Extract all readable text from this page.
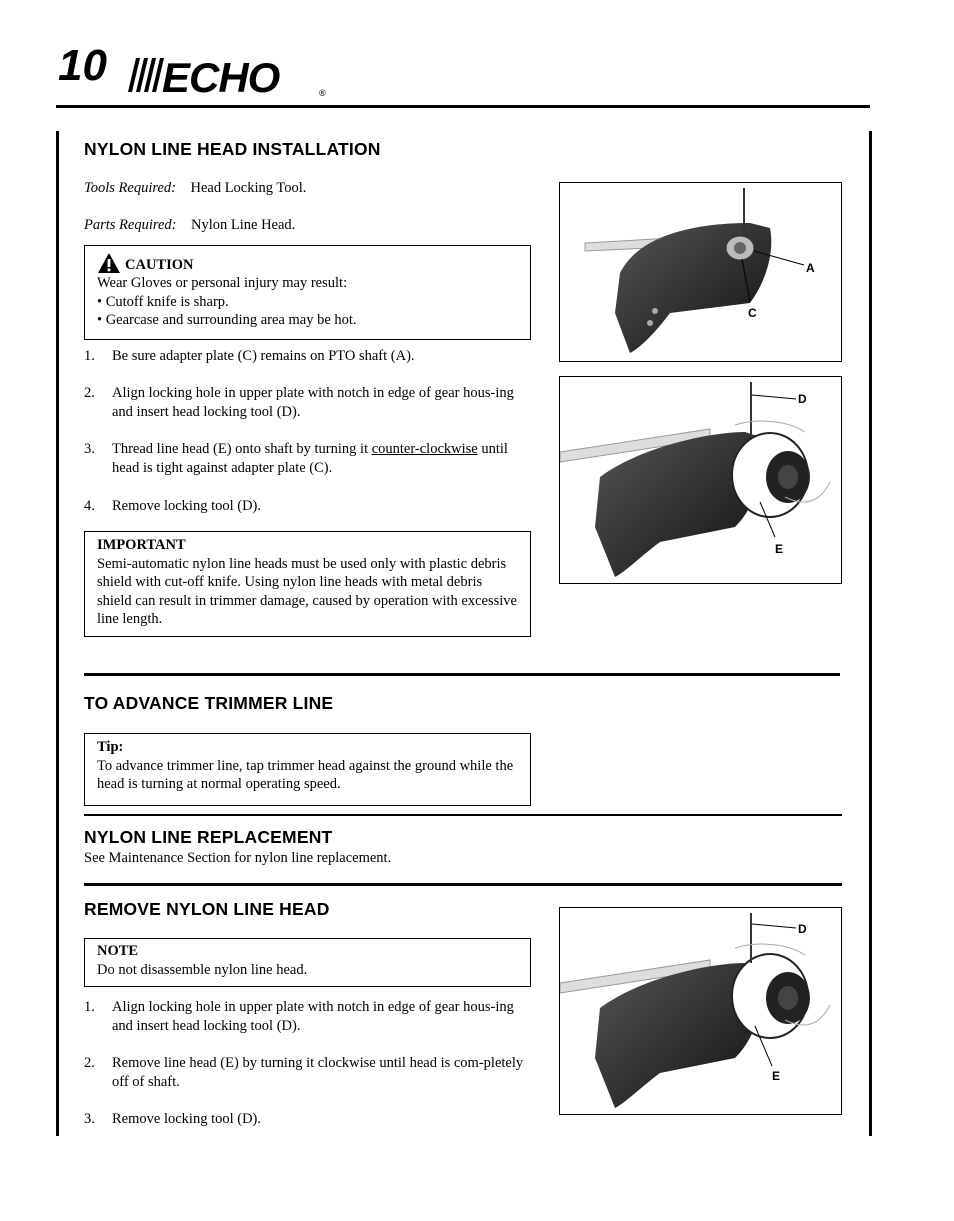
10 ECHO	®
NYLON LINE HEAD INSTALLATION
Tools Required: Head Locking Tool.
Parts Required: Nylon Line Head.
CAUTION
Wear Gloves or personal injury may result:
• Cutoff knife is sharp.
• Gearcase and surrounding area may be hot.
1. Be sure adapter plate (C) remains on PTO shaft (A).
2. Align locking hole in upper plate with notch in edge of gear hous-ing and insert head locking tool (D).
3. Thread line head (E) onto shaft by turning it counter-clockwise until head is tight against adapter plate (C).
4. Remove locking tool (D).
IMPORTANT
Semi-automatic nylon line heads must be used only with plastic debris shield with cut-off knife. Using nylon line heads with metal debris shield can result in trimmer damage, caused by operation with excessive line length.
A
C
D
E
TO ADVANCE TRIMMER LINE
Tip:
To advance trimmer line, tap trimmer head against the ground while the head is turning at normal operating speed.
NYLON LINE REPLACEMENT
See Maintenance Section for nylon line replacement.
REMOVE NYLON LINE HEAD
NOTE
Do not disassemble nylon line head.
1. Align locking hole in upper plate with notch in edge of gear hous-ing and insert head locking tool (D).
2. Remove line head (E) by turning it clockwise until head is com-pletely off of shaft.
3. Remove locking tool (D).
D
E
